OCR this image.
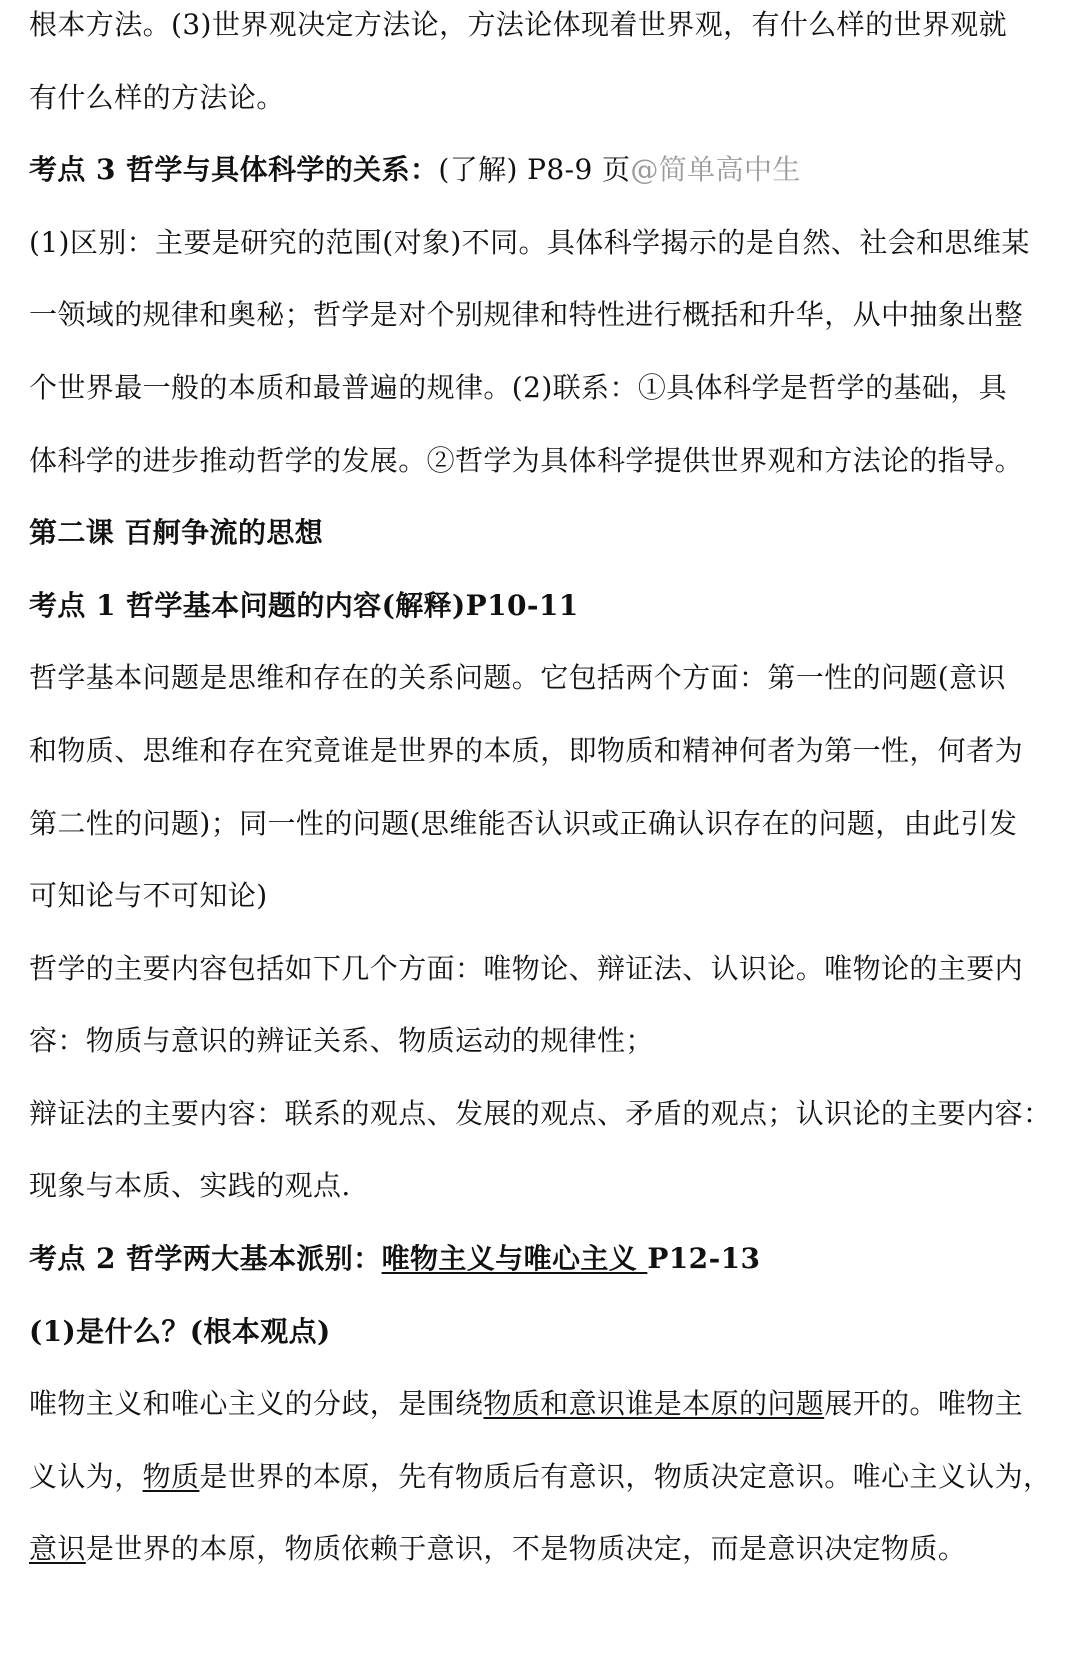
根本方法。(3)世界观决定方法论，方法论体现着世界观，有什么样的世界观就
有什么样的方法论。
考点 3 哲学与具体科学的关系：(了解) P8-9 页@简单高中生
(1)区别：主要是研究的范围(对象)不同。具体科学揭示的是自然、社会和思维某
一领域的规律和奥秘；哲学是对个别规律和特性进行概括和升华，从中抽象出整
个世界最一般的本质和最普遍的规律。(2)联系：①具体科学是哲学的基础，具
体科学的进步推动哲学的发展。②哲学为具体科学提供世界观和方法论的指导。
第二课 百舸争流的思想
考点 1 哲学基本问题的内容(解释)P10-11
哲学基本问题是思维和存在的关系问题。它包括两个方面：第一性的问题(意识
和物质、思维和存在究竟谁是世界的本质，即物质和精神何者为第一性，何者为
第二性的问题)；同一性的问题(思维能否认识或正确认识存在的问题，由此引发
可知论与不可知论)
哲学的主要内容包括如下几个方面：唯物论、辩证法、认识论。唯物论的主要内
容：物质与意识的辨证关系、物质运动的规律性；
辩证法的主要内容：联系的观点、发展的观点、矛盾的观点；认识论的主要内容：
现象与本质、实践的观点.
考点 2 哲学两大基本派别：唯物主义与唯心主义 P12-13
(1)是什么？(根本观点)
唯物主义和唯心主义的分歧，是围绕物质和意识谁是本原的问题展开的。唯物主
义认为，物质是世界的本原，先有物质后有意识，物质决定意识。唯心主义认为，
意识是世界的本原，物质依赖于意识，不是物质决定，而是意识决定物质。
